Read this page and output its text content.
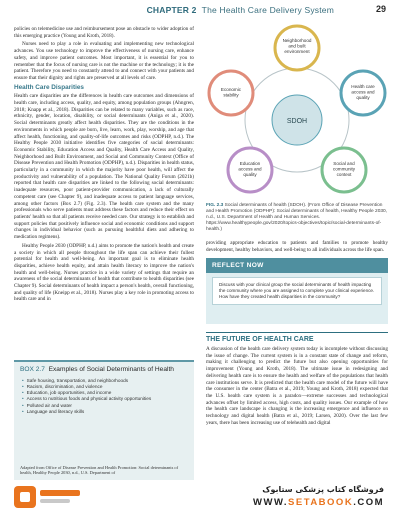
CHAPTER 2 The Health Care Delivery System	29

policies on telemedicine use and reimbursement pose an obstacle to wider adoption of this emerging practice (Young and Kroth, 2018).

Nurses need to play a role in evaluating and implementing new technological advances. You use technology to improve the effectiveness of nursing care, enhance safety, and improve patient outcomes. Most important, it is essential for you to remember that the focus of nursing care is not the machine or the technology; it is the patient. Therefore you need to constantly attend to and connect with your patients and ensure that their dignity and rights are preserved at all levels of care.

Health Care Disparities

Health care disparities are the differences in health care outcomes and dimensions of health care, including access, quality, and equity, among population groups (Ahngren, 2018; Knapp et al., 2018). Disparities can be related to many variables, such as race, ethnicity, gender, location, disability, or social determinants (Aniga et al., 2020). Social determinants greatly affect health disparities. They are the conditions in the environments in which people are born, live, learn, work, play, worship, and age that affect health, functioning, and quality-of-life outcomes and risks (ODPHP, n.d.). The Healthy People 2030 initiative identifies five categories of social determinants: Economic Stability, Education Access and Quality, Health Care Access and Quality, Neighborhood and Built Environment, and Social and Community Context (Office of Disease Prevention and Health Promotion (ODPHP), n.d.). Disparities in health status, particularly in a community in which the majority have poor health, will affect the productivity and vulnerability of a population. The National Quality Forum (2021b) reported that health care disparities are linked to the following social determinants: inadequate resources, poor patient-provider communication, a lack of culturally competent care (see Chapter 9), and inadequate access to patient language services, among other factors (Box 2.7) (Fig. 2.3). The health care system and the many professionals who serve patients must address these factors and reduce their effect on patients' health so that all patients receive needed care. Our strategy is to establish and support policies that positively influence social and economic conditions and support changes in individual behavior (such as pursuing healthful diets and adhering to medication regimens).

Healthy People 2030 (ODPHP, n.d.) aims to promote the nation's health and create a society in which all people throughout the life span can achieve their fullest potential for health and well-being. An important goal is to eliminate health disparities, achieve health equity, and attain health literacy to improve the nation's health and well-being. Nurses practice in a wide variety of settings that require an awareness of the social determinants of health that contribute to health disparities (see Chapter 9). Social determinants of health impact a person's health, overall functioning, and quality of life (Kneipp et al., 2018). Nurses play a key role in promoting access to health care and in

BOX 2.7 Examples of Social Determinants of Health
• Safe housing, transportation, and neighborhoods
• Racism, discrimination, and violence
• Education, job opportunities, and income
• Access to nutritious foods and physical activity opportunities
• Polluted air and water
• Language and literacy skills
Adapted from Office of Disease Prevention and Health Promotion: Social determinants of health, Healthy People 2030, n.d., U.S. Department of
SDOH
Neighborhood and built environment
Health care access and quality
Social and community context
Education access and quality
Economic stability
FIG. 2.3 Social determinants of health (SDOH). (From Office of Disease Prevention and Health Promotion (ODPHP): Social determinants of health, Healthy People 2030, n.d., U.S. Department of Health and Human Services. https://www.healthypeople.gov/2020/topics-objectives/topic/social-determinants-of-health.)

providing appropriate education to patients and families to promote healthy development, healthy behaviors, and well-being to all individuals across the life span.

REFLECT NOW
Discuss with your clinical group the social determinants of health impacting the community where you are assigned to complete your clinical experience. How have they created health disparities in the community?
THE FUTURE OF HEALTH CARE

A discussion of the health care delivery system today is incomplete without discussing the issue of change. The current system is in a constant state of change and reform, making it challenging to predict the future but also opening opportunities for improvement (Young and Kroth, 2018). The ultimate issue in redesigning and delivering health care is to ensure the health and welfare of the populations that health care institutions serve. It is predicted that the health care model of the future will have the consumer in the center (Batra et al., 2019; Young and Kroth, 2018) expected that the U.S. health care system is a paradox—extreme successes and technological advances offset by limited access, high costs, and quality issues. Our example of how the health care landscape is changing is the increasing emergence and influence on technology and digital health (Batra et al., 2019; Larsen, 2020). Over the last few years, there has been increasing use of telehealth and digital

فروشگاه کتاب پزشکی ستابوک
WWW.SETABOOK.COM
